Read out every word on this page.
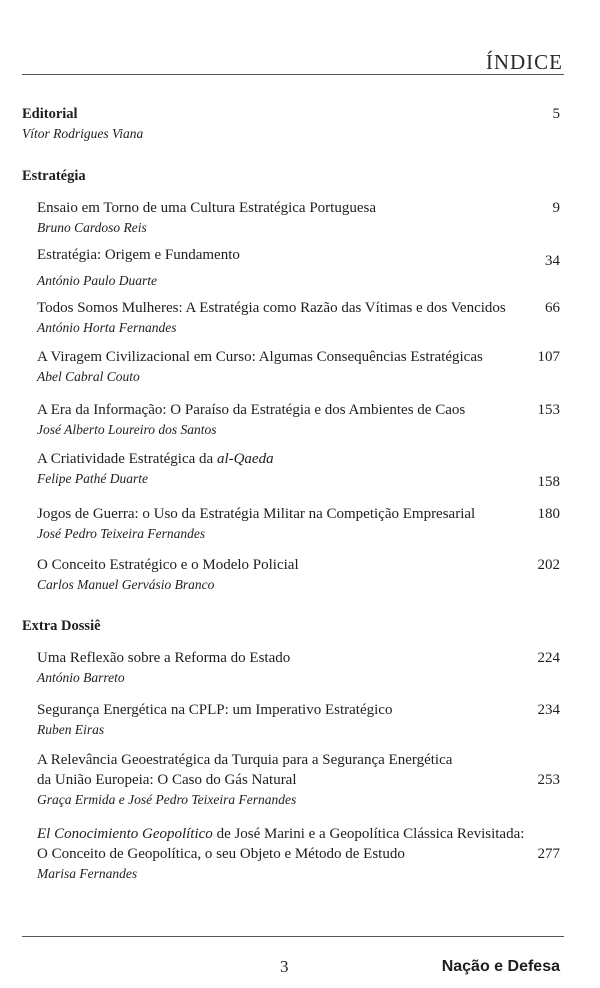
ÍNDICE
Editorial	5
Vítor Rodrigues Viana
Estratégia
Ensaio em Torno de uma Cultura Estratégica Portuguesa	9
Bruno Cardoso Reis
Estratégia: Origem e Fundamento	34
António Paulo Duarte
Todos Somos Mulheres: A Estratégia como Razão das Vítimas e dos Vencidos	66
António Horta Fernandes
A Viragem Civilizacional em Curso: Algumas Consequências Estratégicas	107
Abel Cabral Couto
A Era da Informação: O Paraíso da Estratégia e dos Ambientes de Caos	153
José Alberto Loureiro dos Santos
A Criatividade Estratégica da al-Qaeda
Felipe Pathé Duarte	158
Jogos de Guerra: o Uso da Estratégia Militar na Competição Empresarial	180
José Pedro Teixeira Fernandes
O Conceito Estratégico e o Modelo Policial	202
Carlos Manuel Gervásio Branco
Extra Dossiê
Uma Reflexão sobre a Reforma do Estado	224
António Barreto
Segurança Energética na CPLP: um Imperativo Estratégico	234
Ruben Eiras
A Relevância Geoestratégica da Turquia para a Segurança Energética
da União Europeia: O Caso do Gás Natural	253
Graça Ermida e José Pedro Teixeira Fernandes
El Conocimiento Geopolítico de José Marini e a Geopolítica Clássica Revisitada:
O Conceito de Geopolítica, o seu Objeto e Método de Estudo	277
Marisa Fernandes
3	Nação e Defesa
